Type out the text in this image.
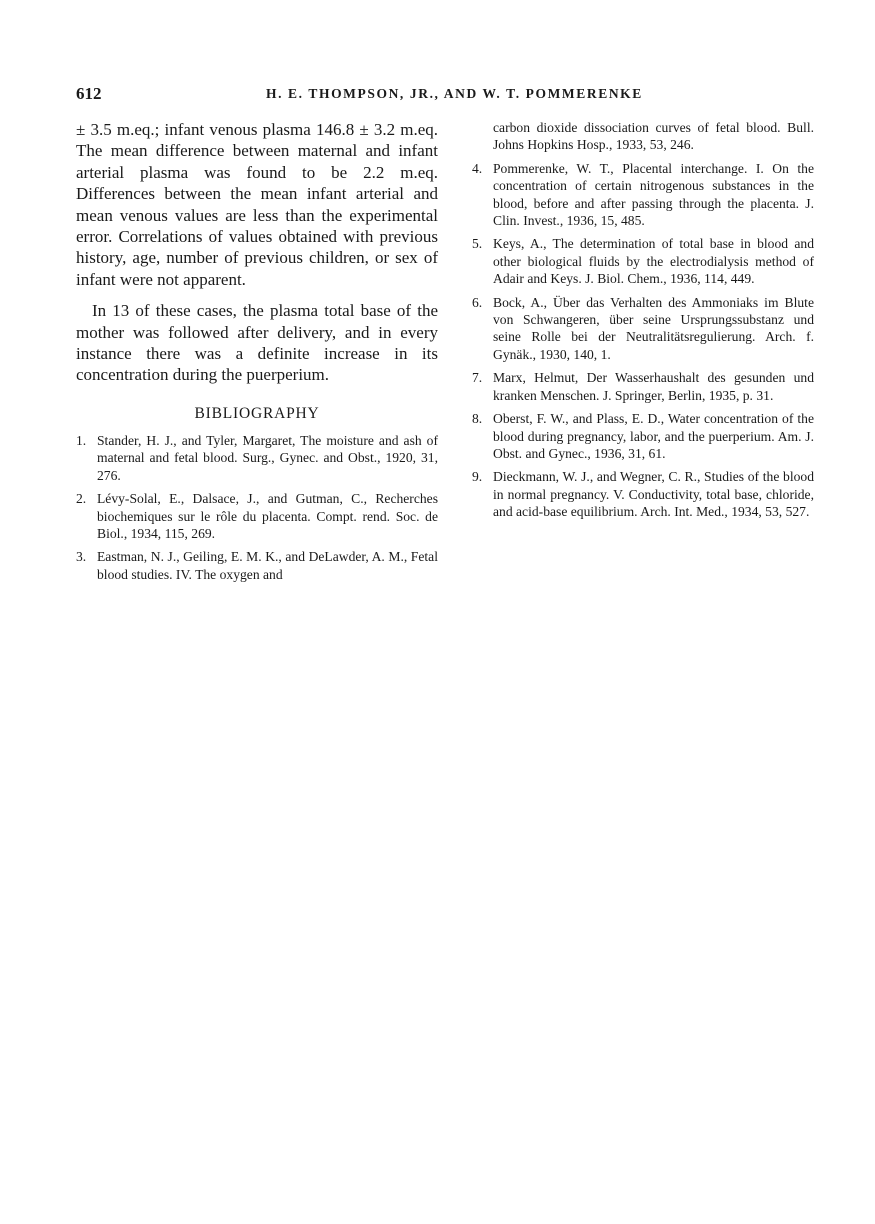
612	H. E. THOMPSON, JR., AND W. T. POMMERENKE

± 3.5 m.eq.; infant venous plasma 146.8 ± 3.2 m.eq. The mean difference between maternal and infant arterial plasma was found to be 2.2 m.eq. Differences between the mean infant arterial and mean venous values are less than the experimental error. Correlations of values obtained with previous history, age, number of previous children, or sex of infant were not apparent.

In 13 of these cases, the plasma total base of the mother was followed after delivery, and in every instance there was a definite increase in its concentration during the puerperium.

BIBLIOGRAPHY
1. Stander, H. J., and Tyler, Margaret, The moisture and ash of maternal and fetal blood. Surg., Gynec. and Obst., 1920, 31, 276.
2. Lévy-Solal, E., Dalsace, J., and Gutman, C., Recherches biochemiques sur le rôle du placenta. Compt. rend. Soc. de Biol., 1934, 115, 269.
3. Eastman, N. J., Geiling, E. M. K., and DeLawder, A. M., Fetal blood studies. IV. The oxygen and
carbon dioxide dissociation curves of fetal blood. Bull. Johns Hopkins Hosp., 1933, 53, 246.
4. Pommerenke, W. T., Placental interchange. I. On the concentration of certain nitrogenous substances in the blood, before and after passing through the placenta. J. Clin. Invest., 1936, 15, 485.
5. Keys, A., The determination of total base in blood and other biological fluids by the electrodialysis method of Adair and Keys. J. Biol. Chem., 1936, 114, 449.
6. Bock, A., Über das Verhalten des Ammoniaks im Blute von Schwangeren, über seine Ursprungssubstanz und seine Rolle bei der Neutralitätsregulierung. Arch. f. Gynäk., 1930, 140, 1.
7. Marx, Helmut, Der Wasserhaushalt des gesunden und kranken Menschen. J. Springer, Berlin, 1935, p. 31.
8. Oberst, F. W., and Plass, E. D., Water concentration of the blood during pregnancy, labor, and the puerperium. Am. J. Obst. and Gynec., 1936, 31, 61.
9. Dieckmann, W. J., and Wegner, C. R., Studies of the blood in normal pregnancy. V. Conductivity, total base, chloride, and acid-base equilibrium. Arch. Int. Med., 1934, 53, 527.
